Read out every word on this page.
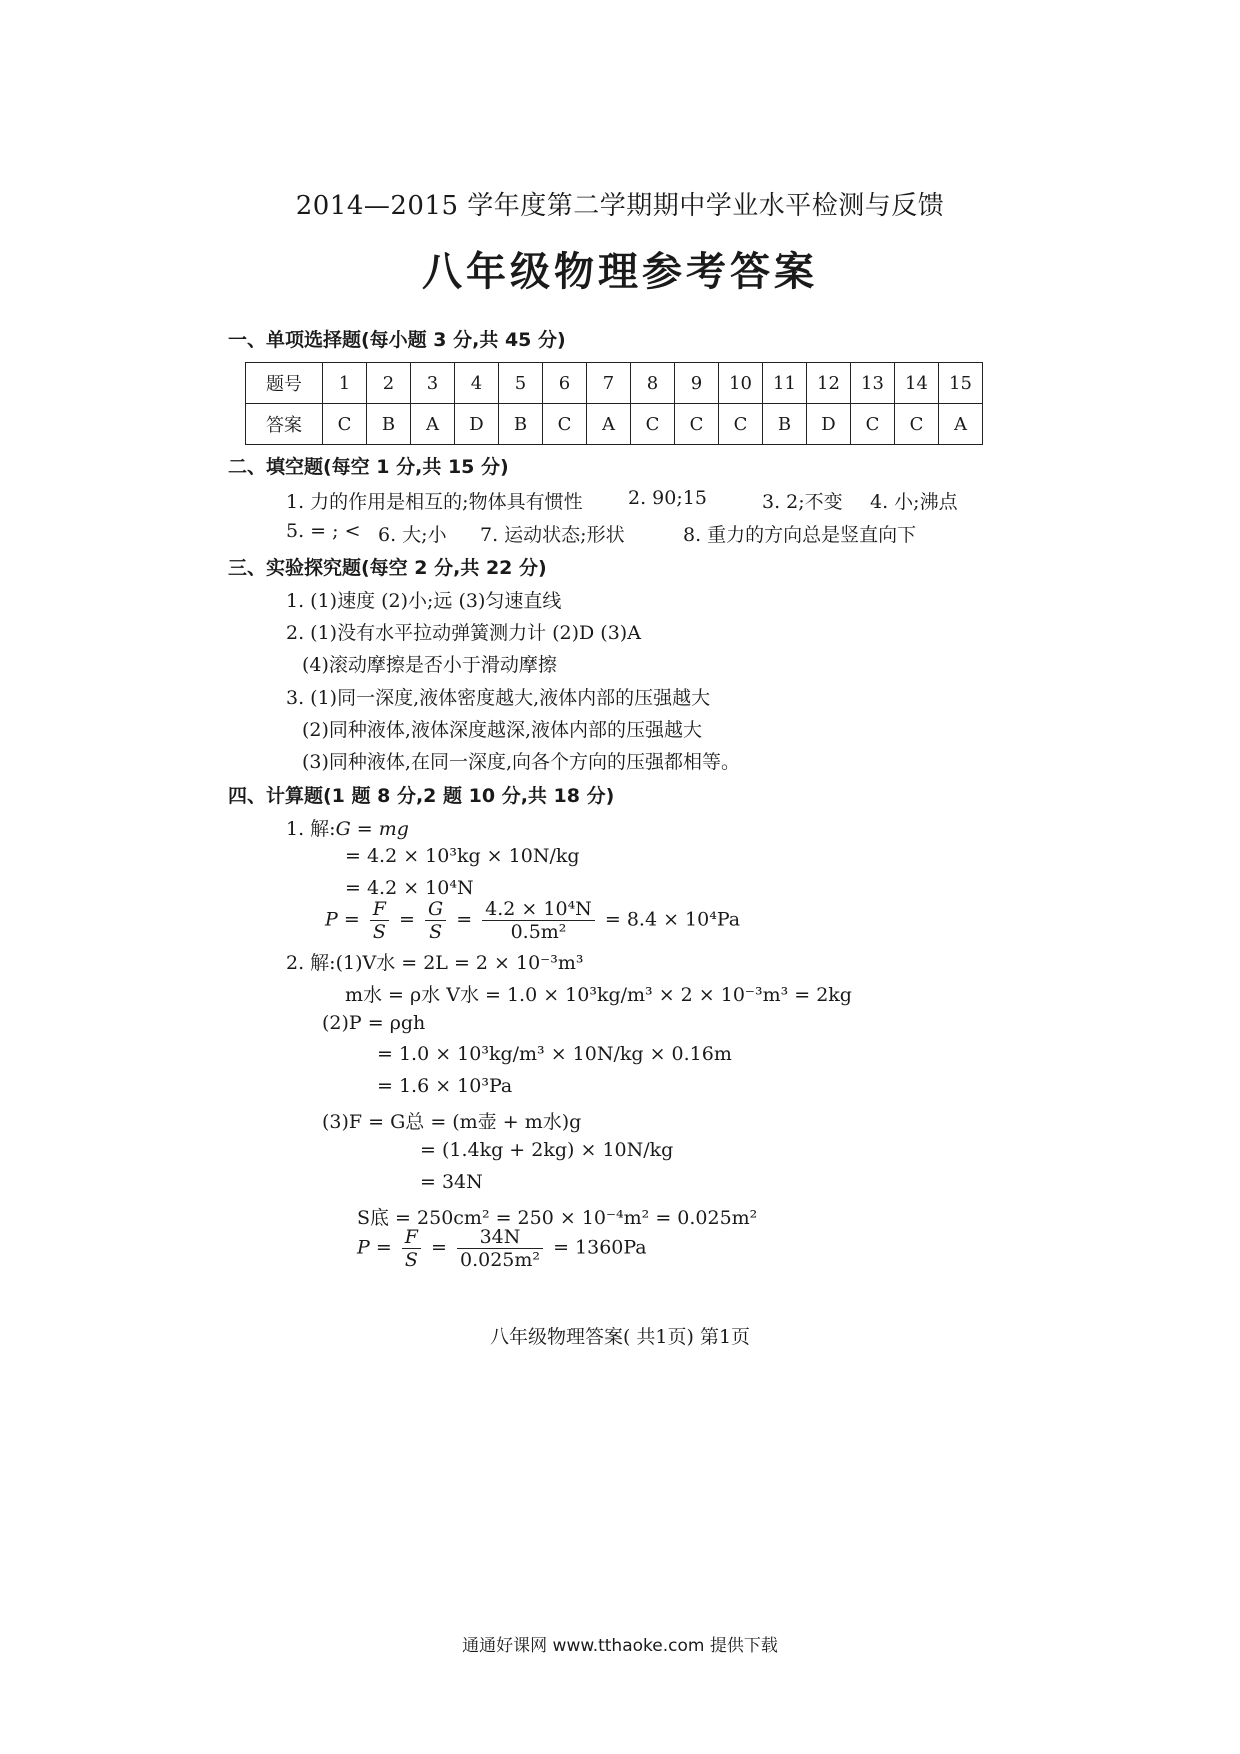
2014—2015 学年度第二学期期中学业水平检测与反馈
八年级物理参考答案
一、单项选择题(每小题 3 分,共 45 分)
题号	1	2	3	4	5	6	7	8	9	10	11	12	13	14	15
答案	C	B	A	D	B	C	A	C	C	C	B	D	C	C	A
二、填空题(每空 1 分,共 15 分)
1. 力的作用是相互的;物体具有惯性 2. 90;15	3. 2;不变 4. 小;沸点
5. = ; < 6. 大;小 7. 运动状态;形状	8. 重力的方向总是竖直向下
三、实验探究题(每空 2 分,共 22 分)
1. (1)速度 (2)小;远 (3)匀速直线
2. (1)没有水平拉动弹簧测力计 (2)D (3)A
(4)滚动摩擦是否小于滑动摩擦
3. (1)同一深度,液体密度越大,液体内部的压强越大
(2)同种液体,液体深度越深,液体内部的压强越大
(3)同种液体,在同一深度,向各个方向的压强都相等。
四、计算题(1 题 8 分,2 题 10 分,共 18 分)
1. 解:G = mg
= 4.2 × 10³kg × 10N/kg
= 4.2 × 10⁴N
$P = \frac{F}{S} = \frac{G}{S} = \frac{\text{4.2 × 10⁴N}}{\text{0.5m²}} = 8.4 \times 10^4Pa$
2. 解:(1)V水 = 2L = 2 × 10⁻³m³
m水 = ρ水 V水 = 1.0 × 10³kg/m³ × 2 × 10⁻³m³ = 2kg
(2)P = ρgh
= 1.0 × 10³kg/m³ × 10N/kg × 0.16m
= 1.6 × 10³Pa
(3)F = G总 = (m壶 + m水)g
= (1.4kg + 2kg) × 10N/kg
= 34N
S底 = 250cm² = 250 × 10⁻⁴m² = 0.025m²
$P = \frac{F}{S} = \frac{34N}{\text{0.025m²}} = 1360Pa$
八年级物理答案( 共1页) 第1页
通通好课网 www.tthaoke.com 提供下载
